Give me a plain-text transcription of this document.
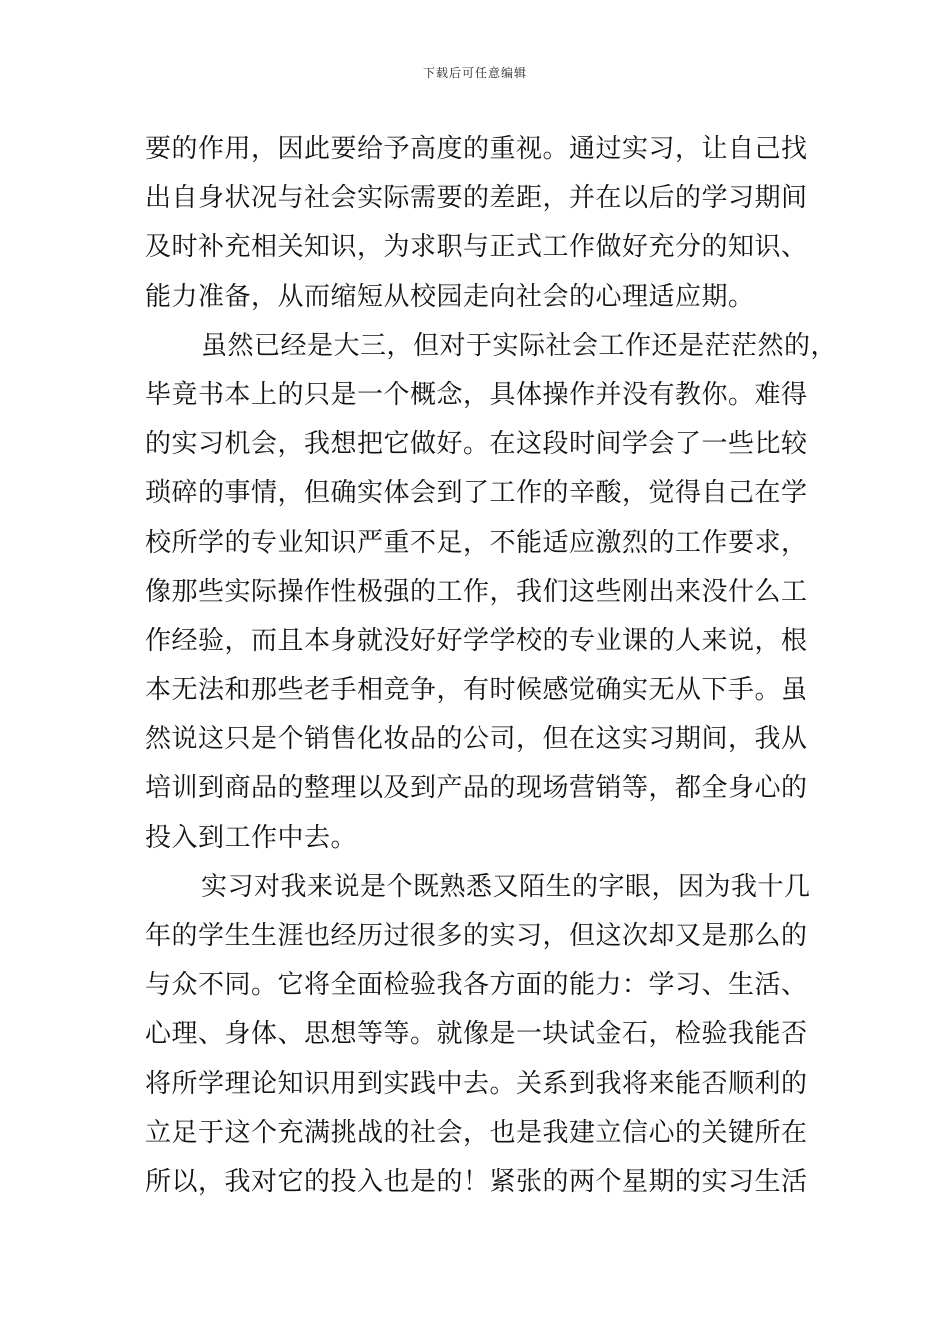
下载后可任意编辑
要的作用，因此要给予高度的重视。通过实习，让自己找
出自身状况与社会实际需要的差距，并在以后的学习期间
及时补充相关知识，为求职与正式工作做好充分的知识、
能力准备，从而缩短从校园走向社会的心理适应期。
虽然已经是大三，但对于实际社会工作还是茫茫然的，
毕竟书本上的只是一个概念，具体操作并没有教你。难得
的实习机会，我想把它做好。在这段时间学会了一些比较
琐碎的事情，但确实体会到了工作的辛酸，觉得自己在学
校所学的专业知识严重不足，不能适应激烈的工作要求，
像那些实际操作性极强的工作，我们这些刚出来没什么工
作经验，而且本身就没好好学学校的专业课的人来说，根
本无法和那些老手相竞争，有时候感觉确实无从下手。虽
然说这只是个销售化妆品的公司，但在这实习期间，我从
培训到商品的整理以及到产品的现场营销等，都全身心的
投入到工作中去。
实习对我来说是个既熟悉又陌生的字眼，因为我十几
年的学生生涯也经历过很多的实习，但这次却又是那么的
与众不同。它将全面检验我各方面的能力：学习、生活、
心理、身体、思想等等。就像是一块试金石，检验我能否
将所学理论知识用到实践中去。关系到我将来能否顺利的
立足于这个充满挑战的社会，也是我建立信心的关键所在
所以，我对它的投入也是的！紧张的两个星期的实习生活
